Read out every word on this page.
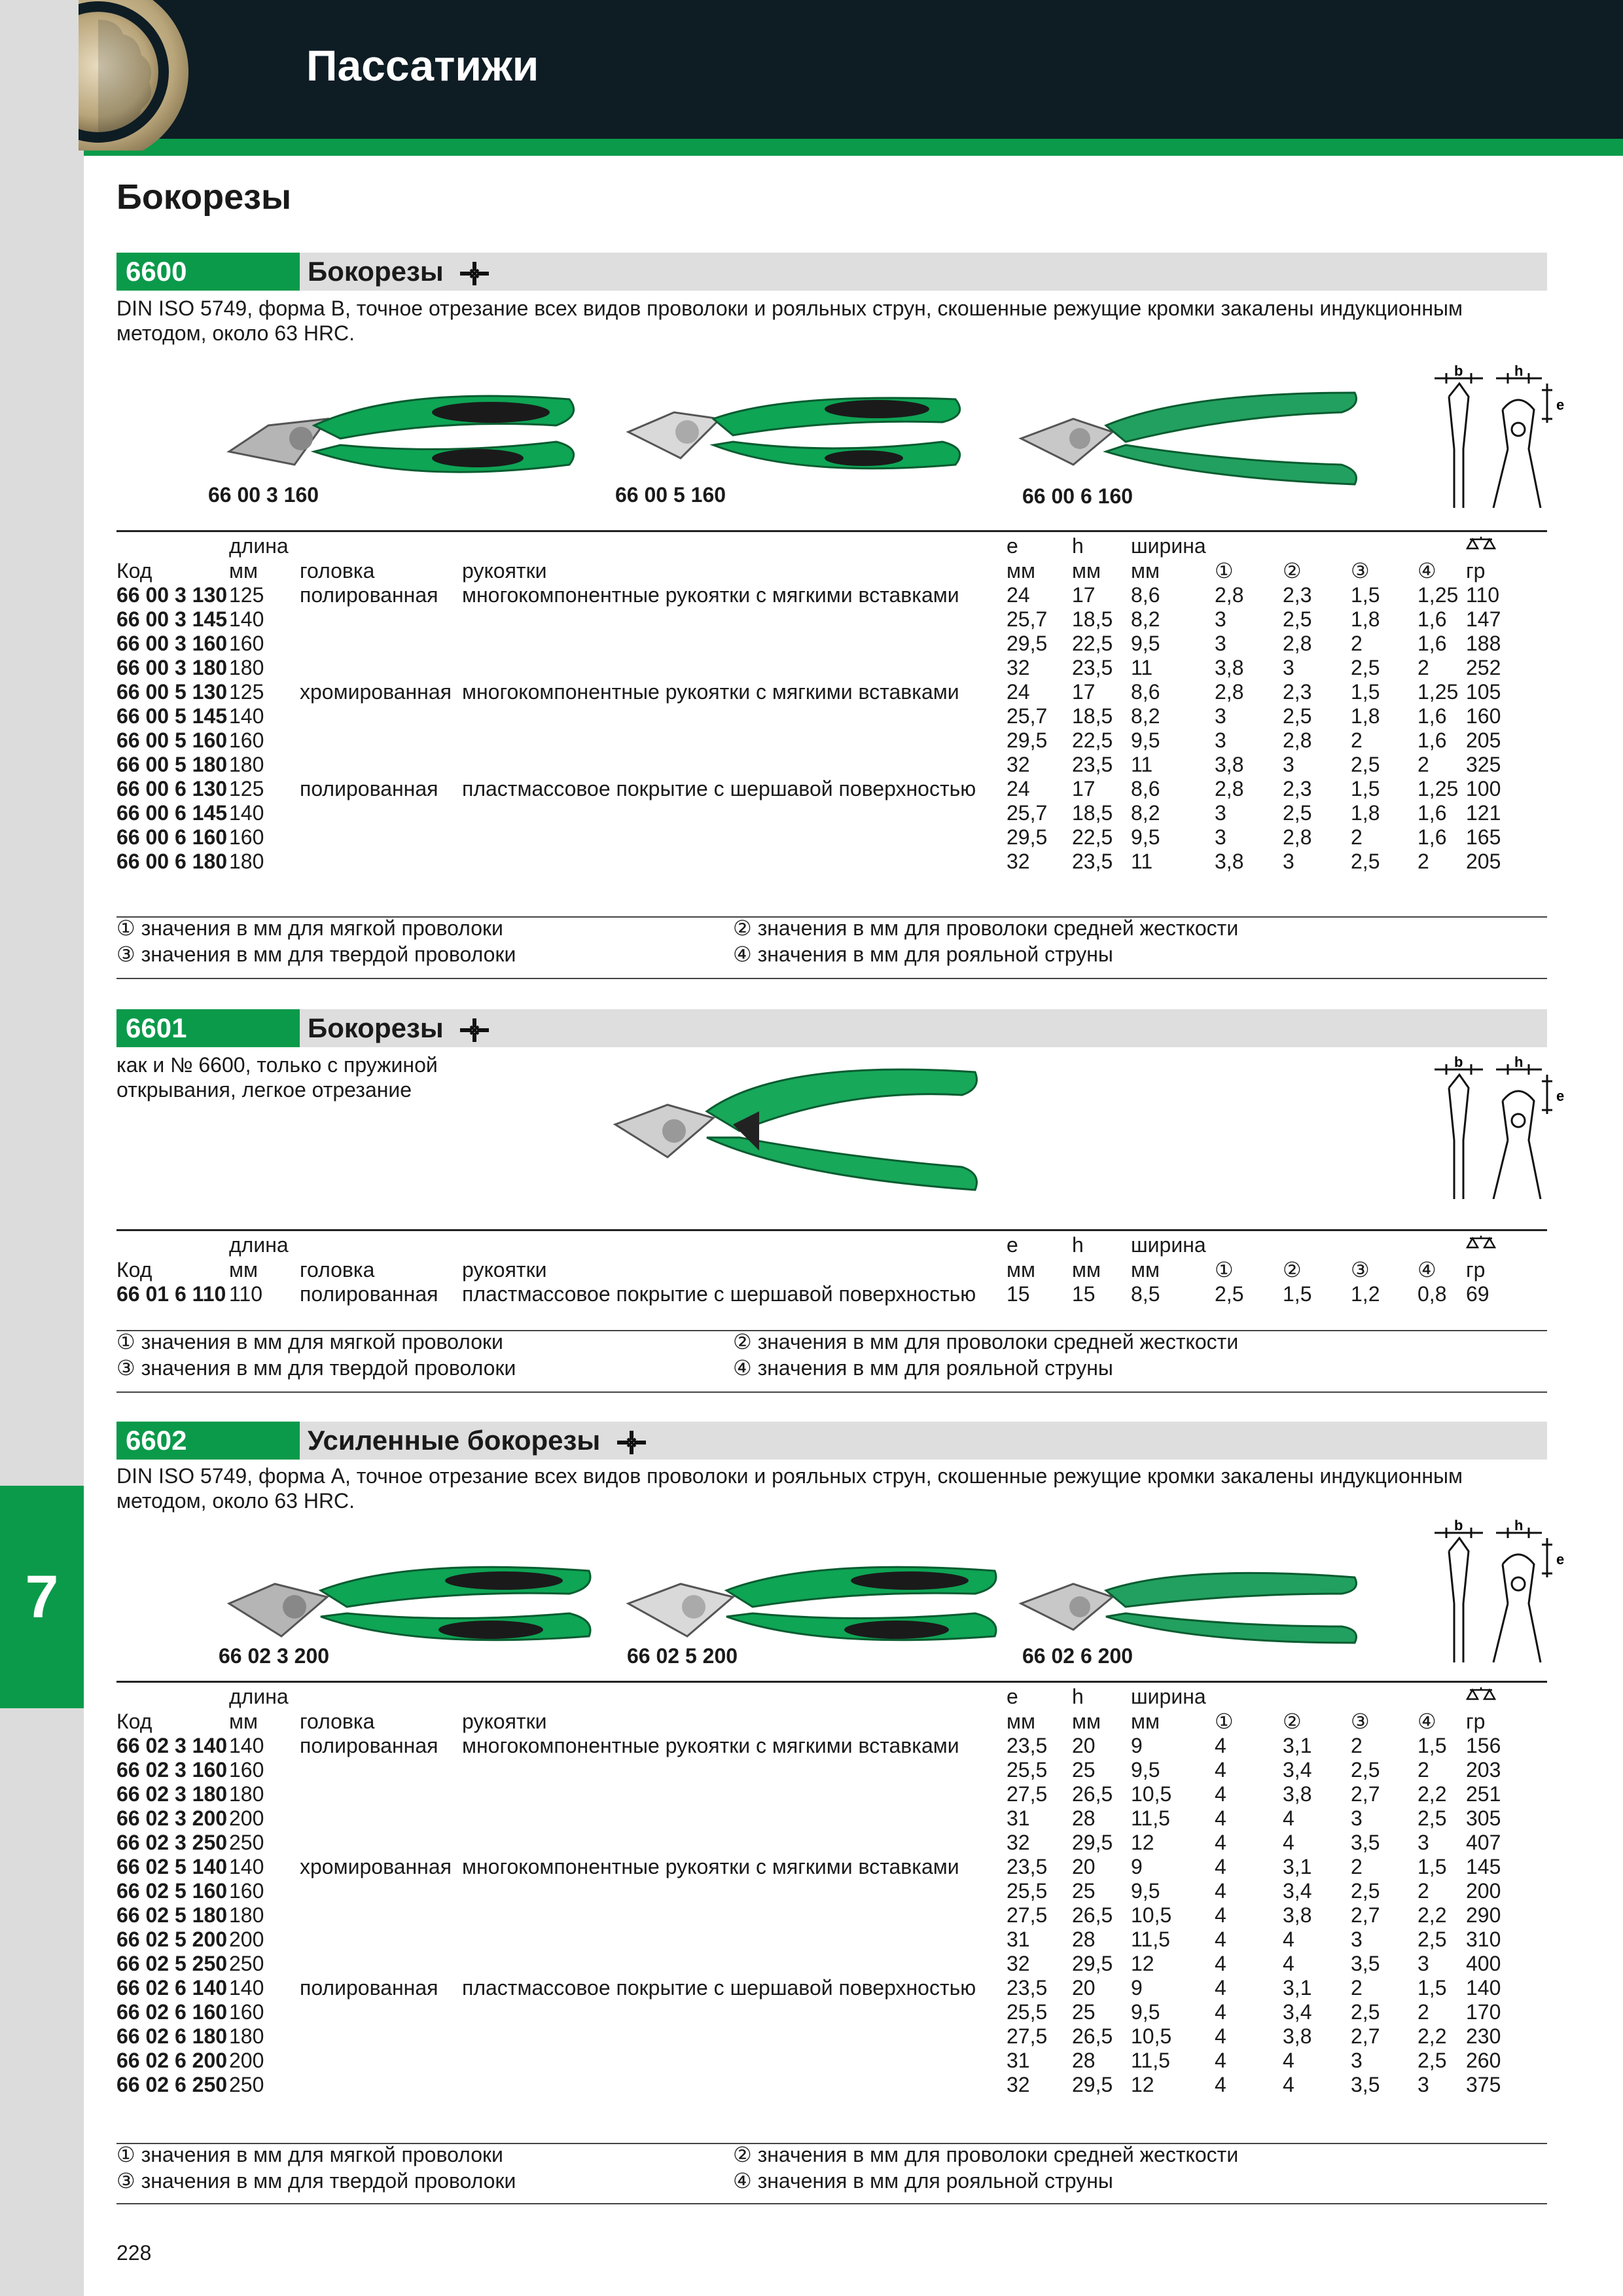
7
Пассатижи
Бокорезы
6600	Бокорезы
DIN ISO 5749, форма B, точное отрезание всех видов проволоки и рояльных струн, скошенные режущие кромки закалены индукционным методом, около 63 HRC.
66 00 3 160	66 00 5 160	66 00 6 160
b	h
e
	длина			e	h	ширина					
Код	мм	головка	рукоятки	мм	мм	мм	①	②	③	④	гр
66 00 3 130	125	полированная	многокомпонентные рукоятки с мягкими вставками	24	17	8,6	2,8	2,3	1,5	1,25	110
66 00 3 145	140			25,7	18,5	8,2	3	2,5	1,8	1,6	147
66 00 3 160	160			29,5	22,5	9,5	3	2,8	2	1,6	188
66 00 3 180	180			32	23,5	11	3,8	3	2,5	2	252
66 00 5 130	125	хромированная	многокомпонентные рукоятки с мягкими вставками	24	17	8,6	2,8	2,3	1,5	1,25	105
66 00 5 145	140			25,7	18,5	8,2	3	2,5	1,8	1,6	160
66 00 5 160	160			29,5	22,5	9,5	3	2,8	2	1,6	205
66 00 5 180	180			32	23,5	11	3,8	3	2,5	2	325
66 00 6 130	125	полированная	пластмассовое покрытие с шершавой поверхностью	24	17	8,6	2,8	2,3	1,5	1,25	100
66 00 6 145	140			25,7	18,5	8,2	3	2,5	1,8	1,6	121
66 00 6 160	160			29,5	22,5	9,5	3	2,8	2	1,6	165
66 00 6 180	180			32	23,5	11	3,8	3	2,5	2	205
① значения в мм для мягкой проволоки	② значения в мм для проволоки средней жесткости
③ значения в мм для твердой проволоки	④ значения в мм для рояльной струны
6601	Бокорезы
как и № 6600, только с пружиной открывания, легкое отрезание
b	h
e
	длина			e	h	ширина					
Код	мм	головка	рукоятки	мм	мм	мм	①	②	③	④	гр
66 01 6 110	110	полированная	пластмассовое покрытие с шершавой поверхностью	15	15	8,5	2,5	1,5	1,2	0,8	69
① значения в мм для мягкой проволоки	② значения в мм для проволоки средней жесткости
③ значения в мм для твердой проволоки	④ значения в мм для рояльной струны
6602	Усиленные бокорезы
DIN ISO 5749, форма A, точное отрезание всех видов проволоки и рояльных струн, скошенные режущие кромки закалены индукционным методом, около 63 HRC.
66 02 3 200	66 02 5 200	66 02 6 200
b	h
e
	длина			e	h	ширина					
Код	мм	головка	рукоятки	мм	мм	мм	①	②	③	④	гр
66 02 3 140	140	полированная	многокомпонентные рукоятки с мягкими вставками	23,5	20	9	4	3,1	2	1,5	156
66 02 3 160	160			25,5	25	9,5	4	3,4	2,5	2	203
66 02 3 180	180			27,5	26,5	10,5	4	3,8	2,7	2,2	251
66 02 3 200	200			31	28	11,5	4	4	3	2,5	305
66 02 3 250	250			32	29,5	12	4	4	3,5	3	407
66 02 5 140	140	хромированная	многокомпонентные рукоятки с мягкими вставками	23,5	20	9	4	3,1	2	1,5	145
66 02 5 160	160			25,5	25	9,5	4	3,4	2,5	2	200
66 02 5 180	180			27,5	26,5	10,5	4	3,8	2,7	2,2	290
66 02 5 200	200			31	28	11,5	4	4	3	2,5	310
66 02 5 250	250			32	29,5	12	4	4	3,5	3	400
66 02 6 140	140	полированная	пластмассовое покрытие с шершавой поверхностью	23,5	20	9	4	3,1	2	1,5	140
66 02 6 160	160			25,5	25	9,5	4	3,4	2,5	2	170
66 02 6 180	180			27,5	26,5	10,5	4	3,8	2,7	2,2	230
66 02 6 200	200			31	28	11,5	4	4	3	2,5	260
66 02 6 250	250			32	29,5	12	4	4	3,5	3	375
① значения в мм для мягкой проволоки	② значения в мм для проволоки средней жесткости
③ значения в мм для твердой проволоки	④ значения в мм для рояльной струны
228
